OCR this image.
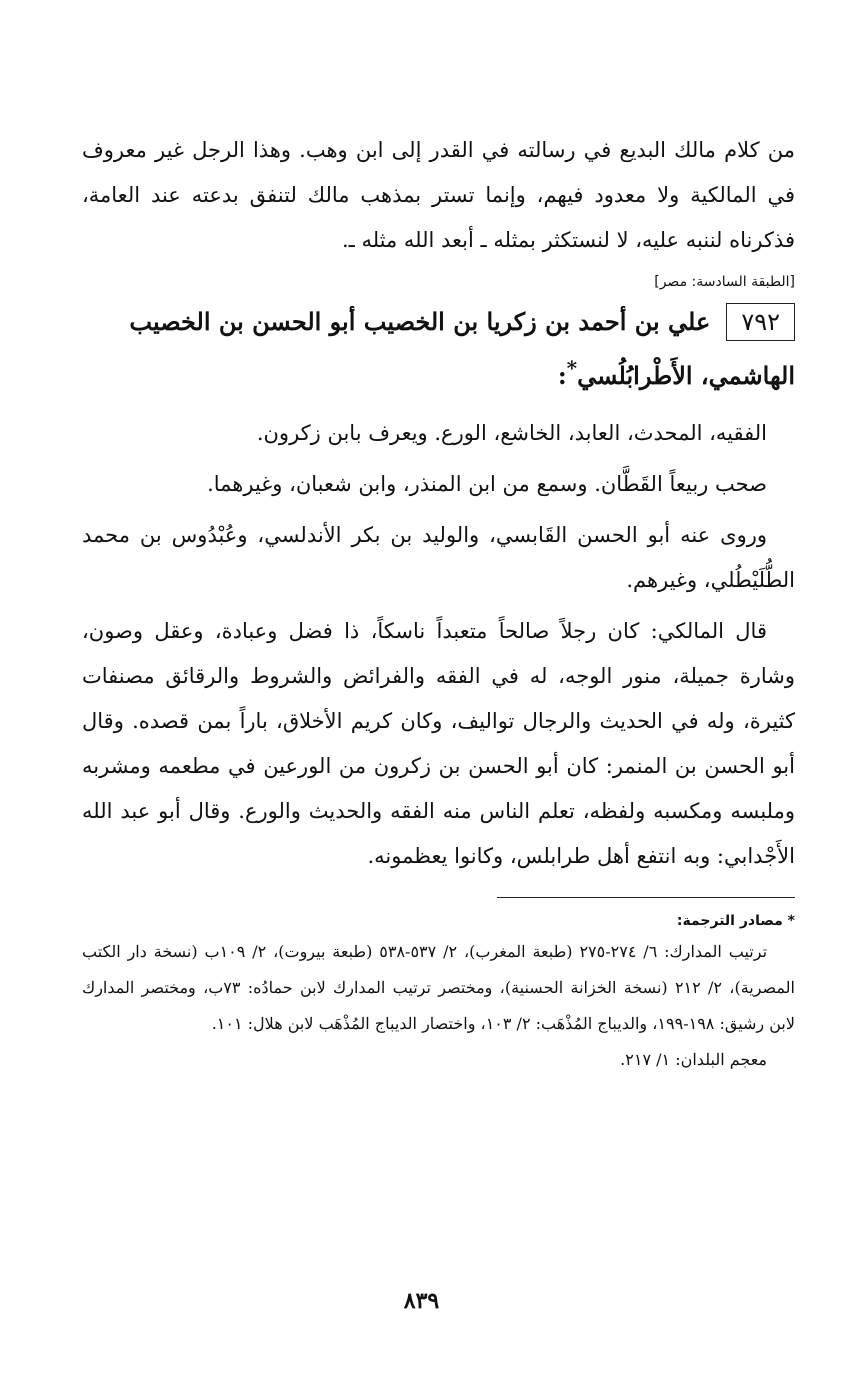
من كلام مالك البديع في رسالته في القدر إلى ابن وهب. وهذا الرجل غير معروف في المالكية ولا معدود فيهم، وإنما تستر بمذهب مالك لتنفق بدعته عند العامة، فذكرناه لننبه عليه، لا لنستكثر بمثله ـ أبعد الله مثله ـ.

[الطبقة السادسة: مصر]
٧٩٢علي بن أحمد بن زكريا بن الخصيب أبو الحسن بن الخصيب الهاشمي، الأَطْرابُلُسي*:

الفقيه، المحدث، العابد، الخاشع، الورع. ويعرف بابن زكرون.

صحب ربيعاً القَطَّان. وسمع من ابن المنذر، وابن شعبان، وغيرهما.

وروى عنه أبو الحسن القَابسي، والوليد بن بكر الأندلسي، وعُبْدُوس بن محمد الطُّلَيْطُلي، وغيرهم.

قال المالكي: كان رجلاً صالحاً متعبداً ناسكاً، ذا فضل وعبادة، وعقل وصون، وشارة جميلة، منور الوجه، له في الفقه والفرائض والشروط والرقائق مصنفات كثيرة، وله في الحديث والرجال تواليف، وكان كريم الأخلاق، باراً بمن قصده. وقال أبو الحسن بن المنمر: كان أبو الحسن بن زكرون من الورعين في مطعمه ومشربه وملبسه ومكسبه ولفظه، تعلم الناس منه الفقه والحديث والورع. وقال أبو عبد الله الأَجْدابي: وبه انتفع أهل طرابلس، وكانوا يعظمونه.

* مصادر الترجمة:

ترتيب المدارك: ٦/ ٢٧٤-٢٧٥ (طبعة المغرب)، ٢/ ٥٣٧-٥٣٨ (طبعة بيروت)، ٢/ ١٠٩ب (نسخة دار الكتب المصرية)، ٢/ ٢١٢ (نسخة الخزانة الحسنية)، ومختصر ترتيب المدارك لابن حمادُه: ٧٣ب، ومختصر المدارك لابن رشيق: ١٩٨-١٩٩، والديباج المُذْهَب: ٢/ ١٠٣، واختصار الديباج المُذْهَب لابن هلال: ١٠١.

معجم البلدان: ١/ ٢١٧.

٨٣٩
